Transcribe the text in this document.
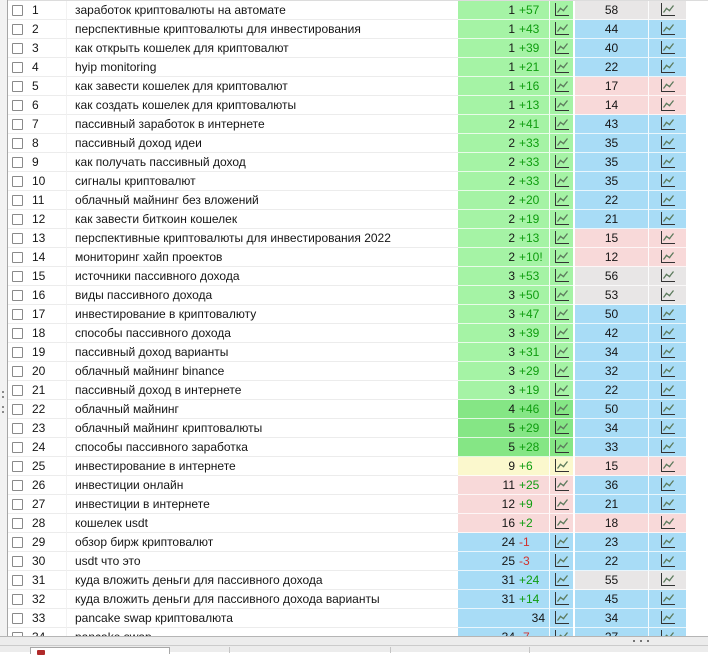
1	заработок криптовалюты на автомате	1 +57	58
2	перспективные криптовалюты для инвестирования	1 +43	44
3	как открыть кошелек для криптовалют	1 +39	40
4	hyip monitoring	1 +21	22
5	как завести кошелек для криптовалют	1 +16	17
6	как создать кошелек для криптовалюты	1 +13	14
7	пассивный заработок в интернете	2 +41	43
8	пассивный доход идеи	2 +33	35
9	как получать пассивный доход	2 +33	35
10	сигналы криптовалют	2 +33	35
11	облачный майнинг без вложений	2 +20	22
12	как завести биткоин кошелек	2 +19	21
13	перспективные криптовалюты для инвестирования 2022	2 +13	15
14	мониторинг хайп проектов	2 +10!	12
15	источники пассивного дохода	3 +53	56
16	виды пассивного дохода	3 +50	53
17	инвестирование в криптовалюту	3 +47	50
18	способы пассивного дохода	3 +39	42
19	пассивный доход варианты	3 +31	34
20	облачный майнинг binance	3 +29	32
21	пассивный доход в интернете	3 +19	22
22	облачный майнинг	4 +46	50
23	облачный майнинг криптовалюты	5 +29	34
24	способы пассивного заработка	5 +28	33
25	инвестирование в интернете	9 +6	15
26	инвестиции онлайн	11 +25	36
27	инвестиции в интернете	12 +9	21
28	кошелек usdt	16 +2	18
29	обзор бирж криптовалют	24 -1	23
30	usdt что это	25 -3	22
31	куда вложить деньги для пассивного дохода	31 +24	55
32	куда вложить деньги для пассивного дохода варианты	31 +14	45
33	pancake swap криптовалюта	34	34
